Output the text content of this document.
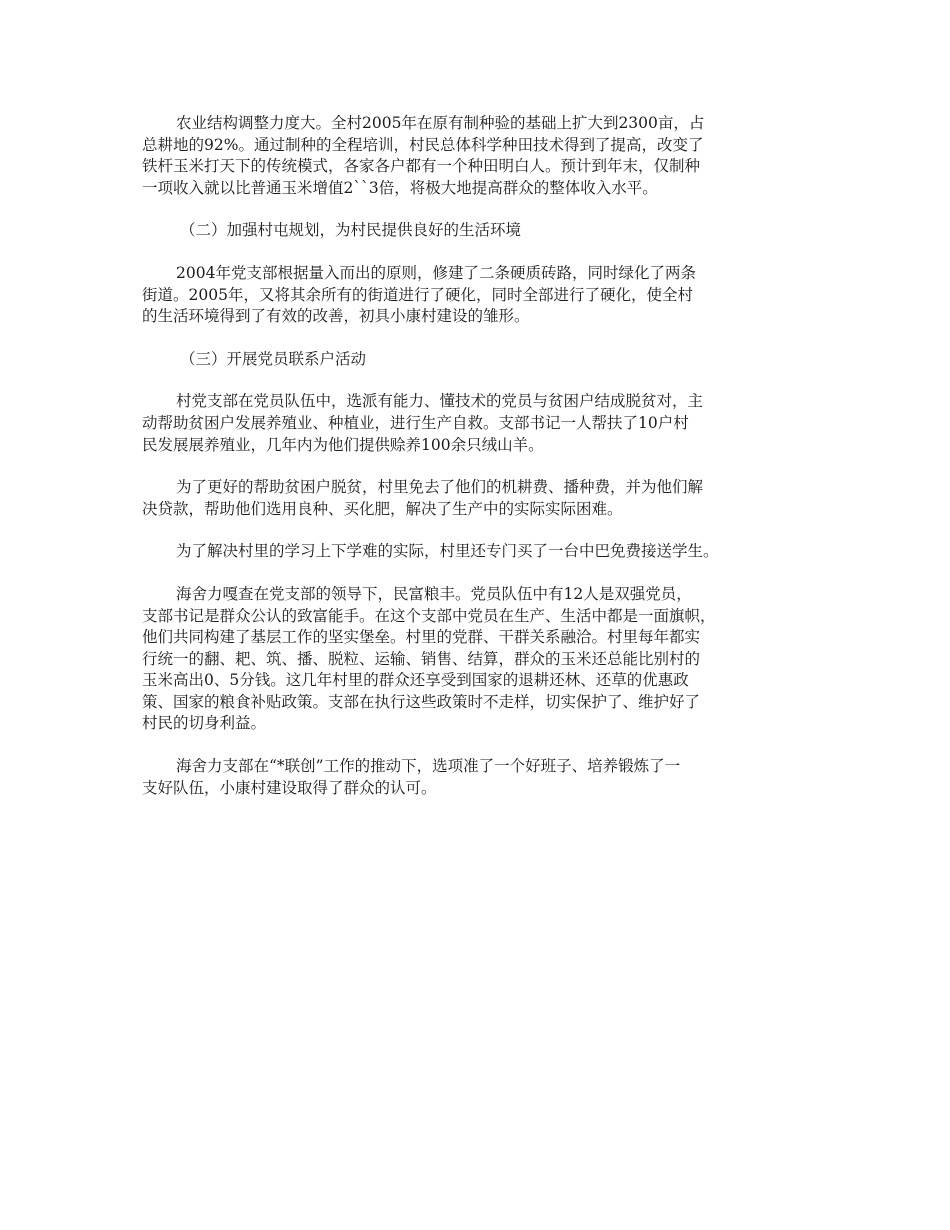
农业结构调整力度大。全村2005年在原有制种验的基础上扩大到2300亩，占
总耕地的92%。通过制种的全程培训，村民总体科学种田技术得到了提高，改变了
铁杆玉米打天下的传统模式，各家各户都有一个种田明白人。预计到年末，仅制种
一项收入就以比普通玉米增值2``3倍，将极大地提高群众的整体收入水平。
（二）加强村屯规划，为村民提供良好的生活环境
2004年党支部根据量入而出的原则，修建了二条硬质砖路，同时绿化了两条
街道。2005年，又将其余所有的街道进行了硬化，同时全部进行了硬化，使全村
的生活环境得到了有效的改善，初具小康村建设的雏形。
（三）开展党员联系户活动
村党支部在党员队伍中，选派有能力、懂技术的党员与贫困户结成脱贫对，主
动帮助贫困户发展养殖业、种植业，进行生产自救。支部书记一人帮扶了10户村
民发展展养殖业，几年内为他们提供赊养100余只绒山羊。
为了更好的帮助贫困户脱贫，村里免去了他们的机耕费、播种费，并为他们解
决贷款，帮助他们选用良种、买化肥，解决了生产中的实际实际困难。
为了解决村里的学习上下学难的实际，村里还专门买了一台中巴免费接送学生。
海舍力嘎查在党支部的领导下，民富粮丰。党员队伍中有12人是双强党员，
支部书记是群众公认的致富能手。在这个支部中党员在生产、生活中都是一面旗帜，
他们共同构建了基层工作的坚实堡垒。村里的党群、干群关系融洽。村里每年都实
行统一的翻、耙、筑、播、脱粒、运输、销售、结算，群众的玉米还总能比别村的
玉米高出0、5分钱。这几年村里的群众还享受到国家的退耕还林、还草的优惠政
策、国家的粮食补贴政策。支部在执行这些政策时不走样，切实保护了、维护好了
村民的切身利益。
海舍力支部在“*联创”工作的推动下，选项准了一个好班子、培养锻炼了一
支好队伍，小康村建设取得了群众的认可。
